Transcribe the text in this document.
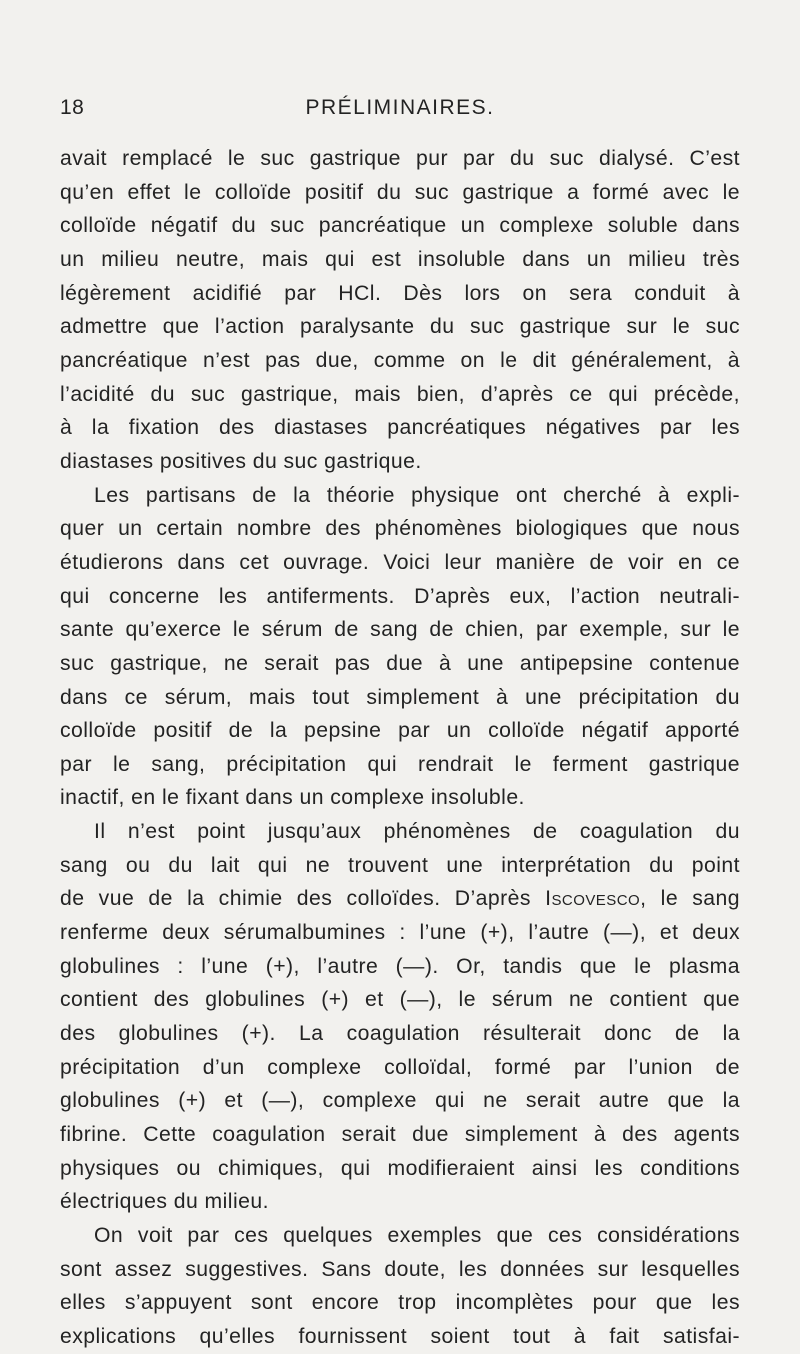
18	PRÉLIMINAIRES.
avait remplacé le suc gastrique pur par du suc dialysé. C’est
qu’en effet le colloïde positif du suc gastrique a formé avec le
colloïde négatif du suc pancréatique un complexe soluble dans
un milieu neutre, mais qui est insoluble dans un milieu très
légèrement acidifié par HCl. Dès lors on sera conduit à
admettre que l’action paralysante du suc gastrique sur le suc
pancréatique n’est pas due, comme on le dit généralement, à
l’acidité du suc gastrique, mais bien, d’après ce qui précède,
à la fixation des diastases pancréatiques négatives par les
diastases positives du suc gastrique.
Les partisans de la théorie physique ont cherché à expli-
quer un certain nombre des phénomènes biologiques que nous
étudierons dans cet ouvrage. Voici leur manière de voir en ce
qui concerne les antiferments. D’après eux, l’action neutrali-
sante qu’exerce le sérum de sang de chien, par exemple, sur le
suc gastrique, ne serait pas due à une antipepsine contenue
dans ce sérum, mais tout simplement à une précipitation du
colloïde positif de la pepsine par un colloïde négatif apporté
par le sang, précipitation qui rendrait le ferment gastrique
inactif, en le fixant dans un complexe insoluble.
Il n’est point jusqu’aux phénomènes de coagulation du
sang ou du lait qui ne trouvent une interprétation du point
de vue de la chimie des colloïdes. D’après Iscovesco, le sang
renferme deux sérumalbumines : l’une (+), l’autre (—), et deux
globulines : l’une (+), l’autre (—). Or, tandis que le plasma
contient des globulines (+) et (—), le sérum ne contient que
des globulines (+). La coagulation résulterait donc de la
précipitation d’un complexe colloïdal, formé par l’union de
globulines (+) et (—), complexe qui ne serait autre que la
fibrine. Cette coagulation serait due simplement à des agents
physiques ou chimiques, qui modifieraient ainsi les conditions
électriques du milieu.
On voit par ces quelques exemples que ces considérations
sont assez suggestives. Sans doute, les données sur lesquelles
elles s’appuyent sont encore trop incomplètes pour que les
explications qu’elles fournissent soient tout à fait satisfai-
